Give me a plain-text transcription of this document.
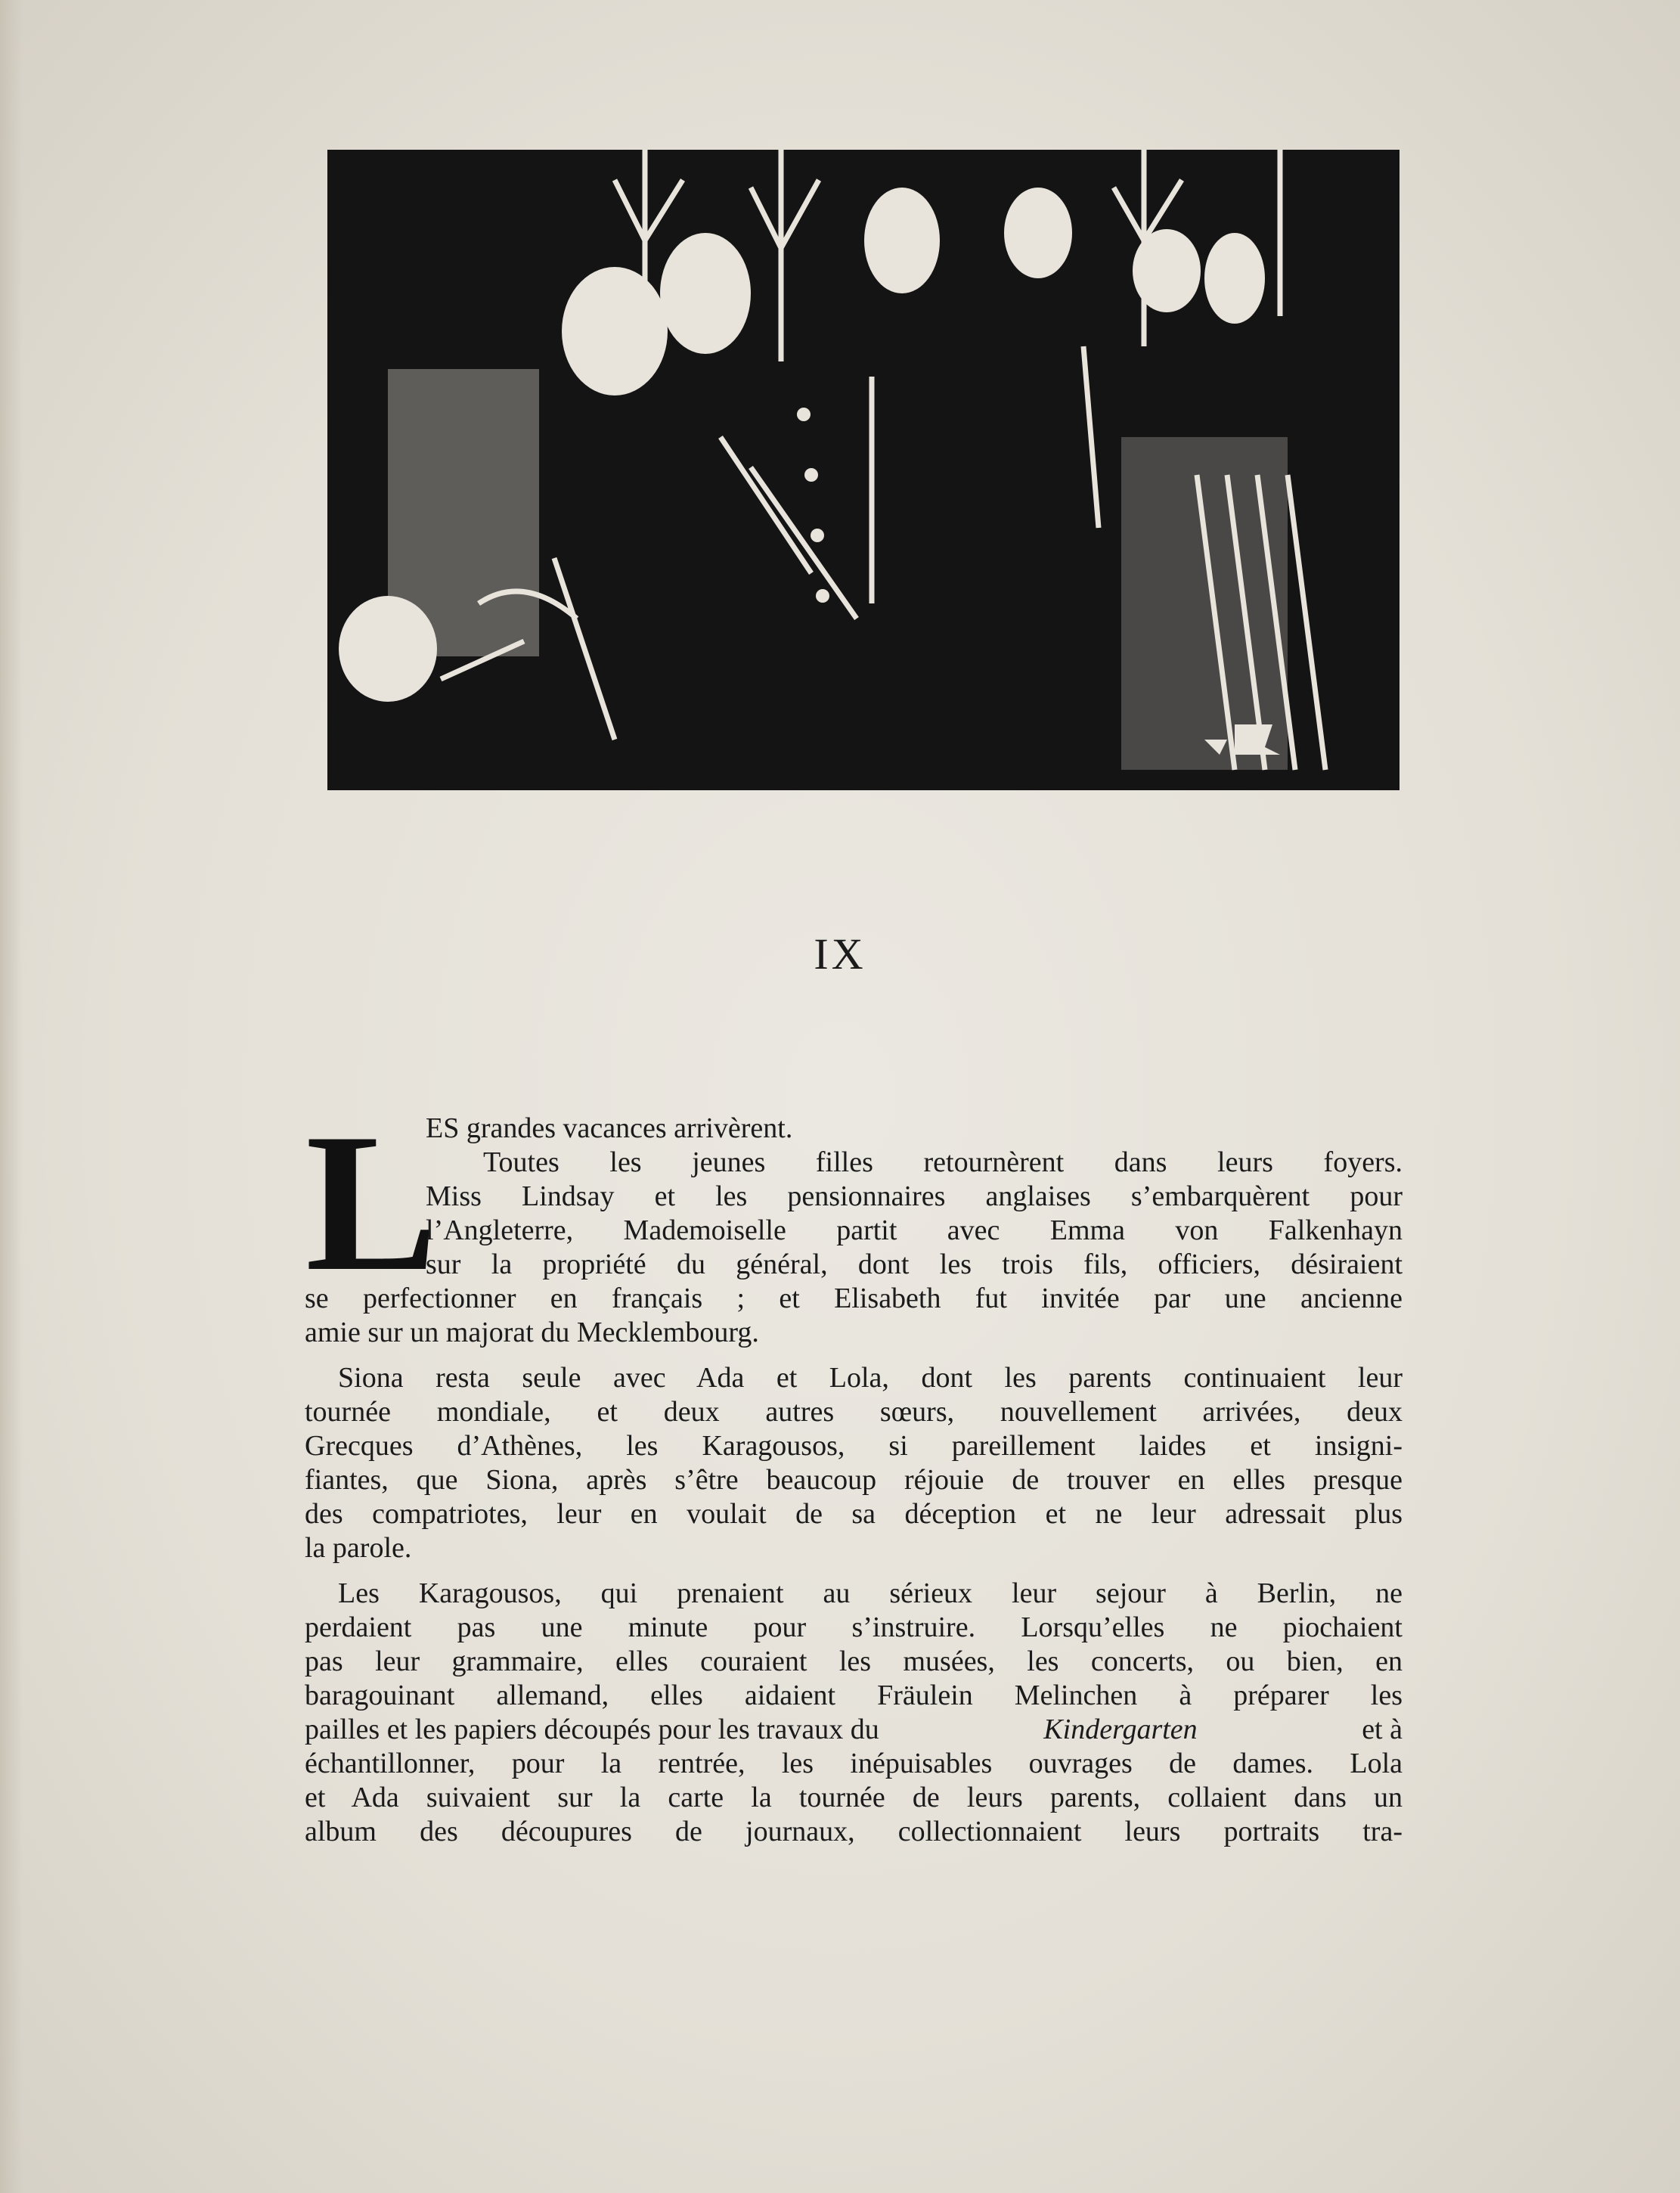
IX
L
ES grandes vacances arrivèrent.
Toutes les jeunes filles retournèrent dans leurs foyers.
Miss Lindsay et les pensionnaires anglaises s’embarquèrent pour
l’Angleterre, Mademoiselle partit avec Emma von Falkenhayn
sur la propriété du général, dont les trois fils, officiers, désiraient
se perfectionner en français ; et Elisabeth fut invitée par une ancienne
amie sur un majorat du Mecklembourg.
Siona resta seule avec Ada et Lola, dont les parents continuaient leur
tournée mondiale, et deux autres sœurs, nouvellement arrivées, deux
Grecques d’Athènes, les Karagousos, si pareillement laides et insigni-
fiantes, que Siona, après s’être beaucoup réjouie de trouver en elles presque
des compatriotes, leur en voulait de sa déception et ne leur adressait plus
la parole.
Les Karagousos, qui prenaient au sérieux leur sejour à Berlin, ne
perdaient pas une minute pour s’instruire. Lorsqu’elles ne piochaient
pas leur grammaire, elles couraient les musées, les concerts, ou bien, en
baragouinant allemand, elles aidaient Fräulein Melinchen à préparer les
pailles et les papiers découpés pour les travaux du	Kindergarten	et à
échantillonner, pour la rentrée, les inépuisables ouvrages de dames. Lola
et Ada suivaient sur la carte la tournée de leurs parents, collaient dans un
album des découpures de journaux, collectionnaient leurs portraits tra-
